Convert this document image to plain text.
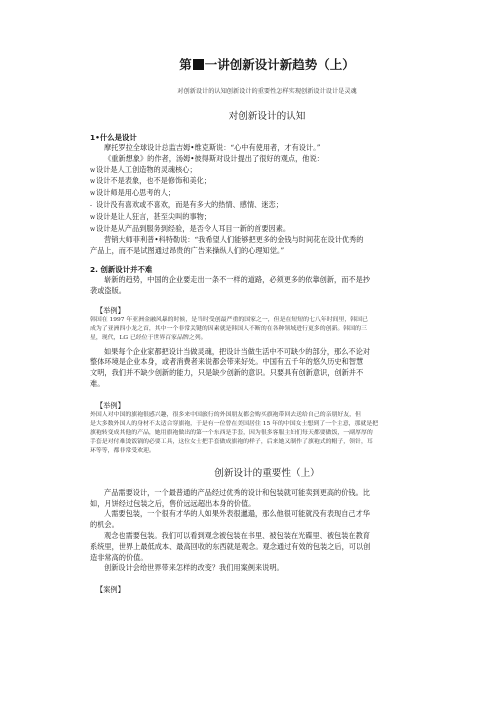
第 一讲创新设计新趋势（上）
对创新设计的认知创新设计的重要性怎样实现创新设计设计是灵魂
对创新设计的认知
1•什么是设计
摩托罗拉全球设计总监吉姆•维克斯说：“心中有使用者，才有设计。”
《重新想象》的作者，汤姆•彼得斯对设计提出了很好的观点，他说：
w设计是人工创造物的灵魂核心；
w设计不是表象，也不是修饰和美化；
w设计师是用心思考的人；
- 设计没有喜欢或不喜欢，而是有多大的热情、感情、迷恋；
w设计是让人狂言，甚至尖叫的事物；
w设计是从产品到服务到经验，是否令人耳目一新的首要因素。
营销大师菲利普•科特勒说：“我希望人们能够把更多的金钱与时间花在设计优秀的
产品上，而不是试图通过昂贵的广告来操纵人们的心理知觉。”
2. 创新设计并不难
崭新的趋势，中国的企业要走出一条不一样的道路，必须更多的依靠创新，而不是抄
袭或盗版。
【举例】
韩国在 1997 年亚洲金融风暴的时候，是当时受创最严重的国家之一，但是在短短的七八年时间里，韩国已
成为了亚洲四小龙之首，其中一个非常关键的因素就是韩国人不断的在各种领域进行更多的创新。韩国的三
星，现代，LG 已经位于世界百家品牌之列。
如果每个企业家都把设计当做灵魂，把设计当做生活中不可缺少的部分，那么不论对
整体环境是企业本身，或者消费者来说都会带来好处。中国有五千年的悠久历史和智慧
文明，我们并不缺少创新的能力，只是缺少创新的意识。只要具有创新意识，创新并不
难。
【举例】
外国人对中国的旗袍很感兴趣，很多来中国旅行的外国朋友都会购买旗袍带回去送给自己的亲朋好友，但
是大多数外国人的身材不太适合穿旗袍，于是有一位曾在美国居住 15 年的中国女士想到了一个主意，那就是把
旗袍转变成其他的产品，她用旗袍做出的第一个东西是手套，因为很多客服主妇们每天都要做饭，一副厚厚的
手套是对付难烫饭锅的必要工具，这位女士把手套做成旗袍的样子，后来她又制作了旗袍式的帽子，领针，耳
环等等，都非常受欢迎。
创新设计的重要性（上）
产品需要设计，一个最普通的产品经过优秀的设计和包装就可能卖到更高的价钱。比
如，月饼经过包装之后，售价远远超出本身的价值。
人需要包装，一个很有才华的人如果外表很邋遢，那么他很可能就没有表现自己才华
的机会。
观念也需要包装。我们可以看到观念被包装在书里、被包装在光碟里、被包装在教育
系统里，世界上最低成本、最高回收的东西就是观念。观念通过有效的包装之后，可以创
造非常高的价值。
创新设计会给世界带来怎样的改变？我们用案例来说明。
【案例】
